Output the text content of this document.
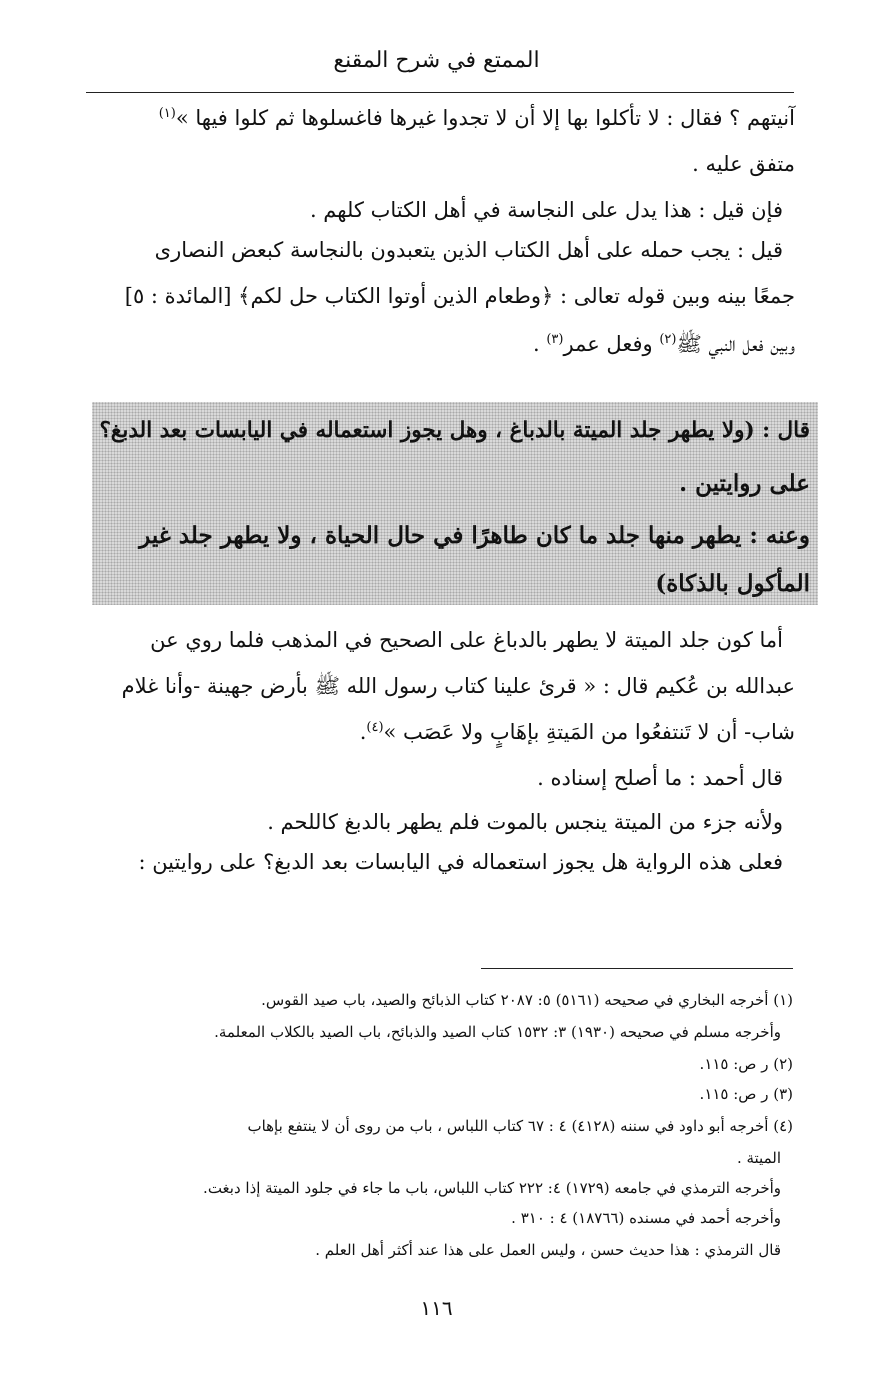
الممتع في شرح المقنع
آنيتهم ؟ فقال : لا تأكلوا بها إلا أن لا تجدوا غيرها فاغسلوها ثم كلوا فيها »$^{(١)}$
متفق عليه .
فإن قيل : هذا يدل على النجاسة في أهل الكتاب كلهم .
قيل : يجب حمله على أهل الكتاب الذين يتعبدون بالنجاسة كبعض النصارى
جمعًا بينه وبين قوله تعالى : ﴿وطعام الذين أوتوا الكتاب حل لكم﴾ [المائدة : ٥]
وبين فعل النبي ﷺ$^{(٢)}$ وفعل عمر$^{(٣)}$ .
قال : (ولا يطهر جلد الميتة بالدباغ ، وهل يجوز استعماله في اليابسات بعد الدبغ؟
على روايتين .
وعنه : يطهر منها جلد ما كان طاهرًا في حال الحياة ، ولا يطهر جلد غير
المأكول بالذكاة)
أما كون جلد الميتة لا يطهر بالدباغ على الصحيح في المذهب فلما روي عن
عبدالله بن عُكيم قال : « قرئ علينا كتاب رسول الله ﷺ بأرض جهينة -وأنا غلام
شاب- أن لا تَنتفعُوا من المَيتةِ بإهَابٍ ولا عَصَب »$^{(٤)}$.
قال أحمد : ما أصلح إسناده .
ولأنه جزء من الميتة ينجس بالموت فلم يطهر بالدبغ كاللحم .
فعلى هذه الرواية هل يجوز استعماله في اليابسات بعد الدبغ؟ على روايتين :
(١) أخرجه البخاري في صحيحه (٥١٦١) ٥: ٢٠٨٧ كتاب الذبائح والصيد، باب صيد القوس.
وأخرجه مسلم في صحيحه (١٩٣٠) ٣: ١٥٣٢ كتاب الصيد والذبائح، باب الصيد بالكلاب المعلمة.
(٢) ر ص: ١١٥.
(٣) ر ص: ١١٥.
(٤) أخرجه أبو داود في سننه (٤١٢٨) ٤ : ٦٧ كتاب اللباس ، باب من روى أن لا ينتفع بإهاب
الميتة .
وأخرجه الترمذي في جامعه (١٧٢٩) ٤: ٢٢٢ كتاب اللباس، باب ما جاء في جلود الميتة إذا دبغت.
وأخرجه أحمد في مسنده (١٨٧٦٦) ٤ : ٣١٠ .
قال الترمذي : هذا حديث حسن ، وليس العمل على هذا عند أكثر أهل العلم .
١١٦
